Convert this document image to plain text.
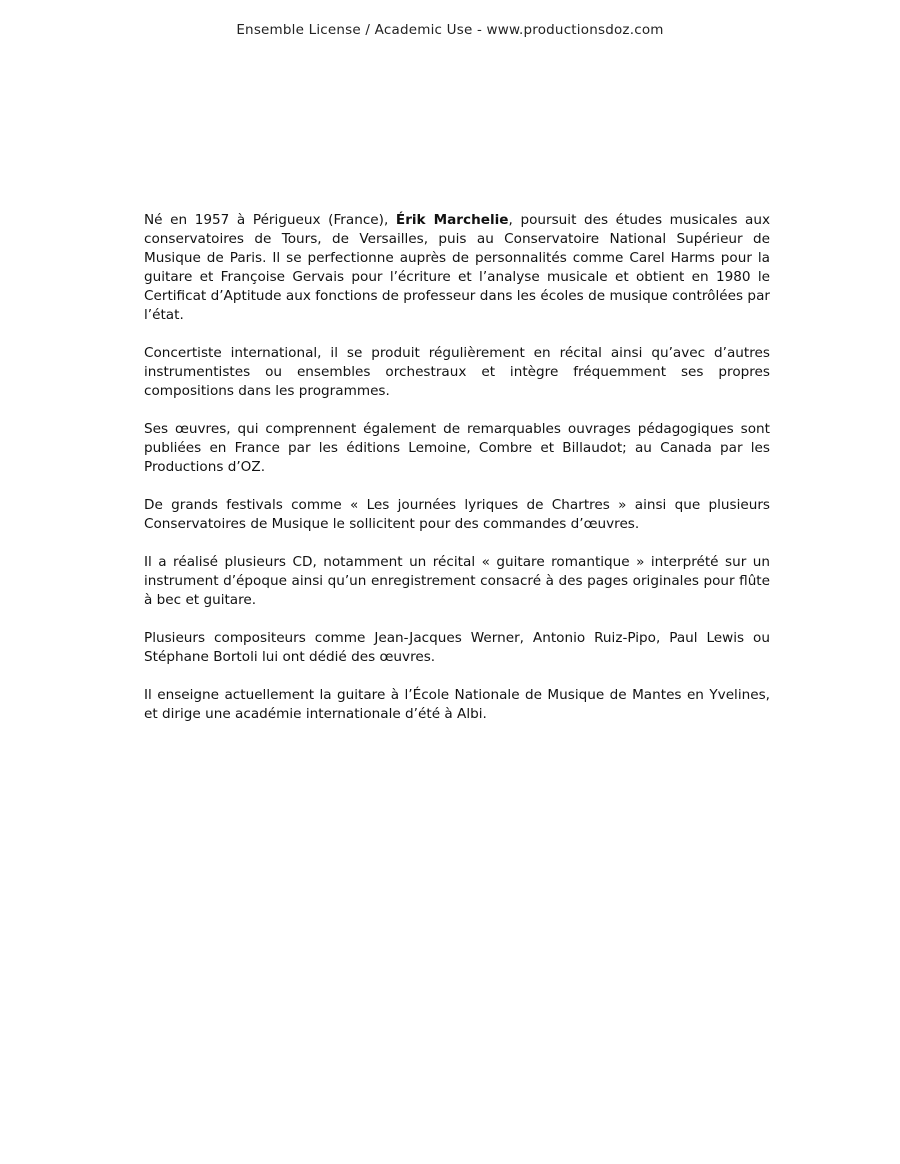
Ensemble License / Academic Use - www.productionsdoz.com

Né en 1957 à Périgueux (France), Érik Marchelie, poursuit des études musicales aux conservatoires de Tours, de Versailles, puis au Conservatoire National Supérieur de Musique de Paris. Il se perfectionne auprès de personnalités comme Carel Harms pour la guitare et Françoise Gervais pour l’écriture et l’analyse musicale et obtient en 1980 le Certificat d’Aptitude aux fonctions de professeur dans les écoles de musique contrôlées par l’état.

Concertiste international, il se produit régulièrement en récital ainsi qu’avec d’autres instrumentistes ou ensembles orchestraux et intègre fréquemment ses propres compositions dans les programmes.

Ses œuvres, qui comprennent également de remarquables ouvrages pédagogiques sont publiées en France par les éditions Lemoine, Combre et Billaudot; au Canada par les Productions d’OZ.

De grands festivals comme « Les journées lyriques de Chartres » ainsi que plusieurs Conservatoires de Musique le sollicitent pour des commandes d’œuvres.

Il a réalisé plusieurs CD, notamment un récital « guitare romantique » interprété sur un instrument d’époque ainsi qu’un enregistrement consacré à des pages originales pour flûte à bec et guitare.

Plusieurs compositeurs comme Jean-Jacques Werner, Antonio Ruiz-Pipo, Paul Lewis ou Stéphane Bortoli lui ont dédié des œuvres.

Il enseigne actuellement la guitare à l’École Nationale de Musique de Mantes en Yvelines, et dirige une académie internationale d’été à Albi.
